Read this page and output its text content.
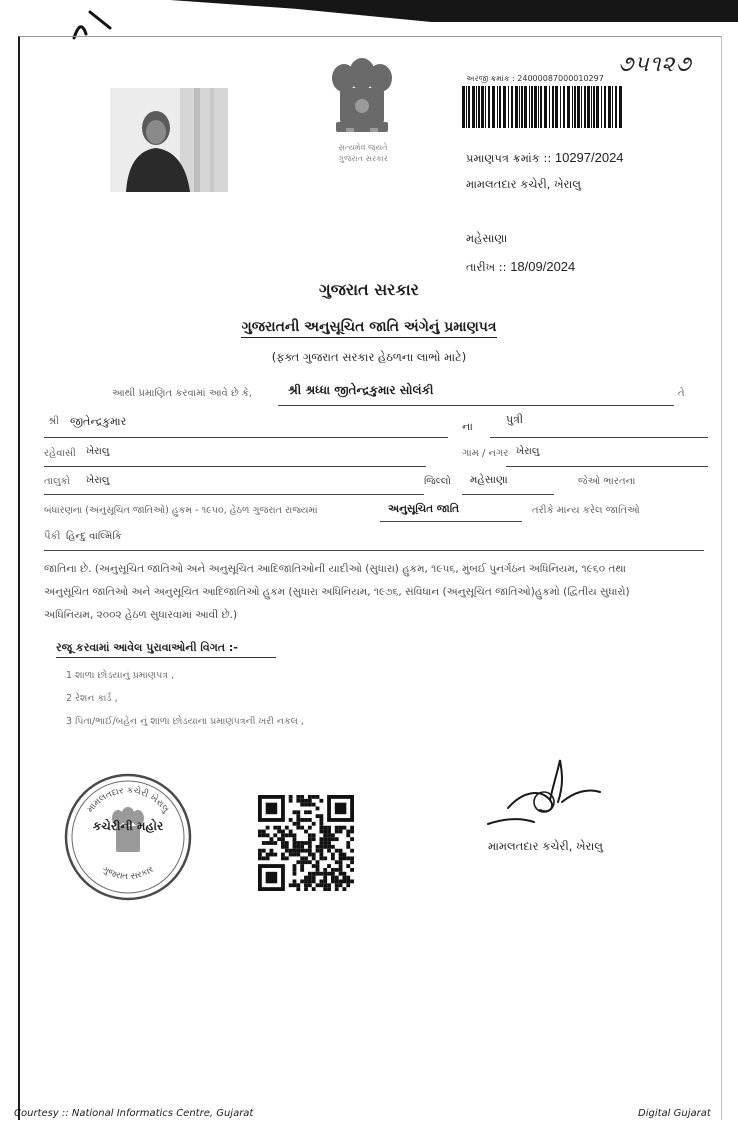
સત્યમેવ જયતે
ગુજરાત સરકાર
૭૫૧૨૭
અરજી ક્રમાંક : 24000087000010297
પ્રમાણપત્ર ક્રમાંક :: 10297/2024
મામલતદાર કચેરી, ખેરાલુ
મહેસાણા
તારીખ :: 18/09/2024
ગુજરાત સરકાર
ગુજરાતની અનુસૂચિત જાતિ અંગેનું પ્રમાણપત્ર
(ફક્ત ગુજરાત સરકાર હેઠળના લાભો માટે)
આથી પ્રમાણિત કરવામાં આવે છે કે,	શ્રી શ્રધ્ધા જીતેન્દ્રકુમાર સોલંકી	તે
શ્રી જીતેન્દ્રકુમાર	ના
પુત્રી
રહેવાસી ખેરાલુ	ગામ / નગર ખેરાલુ
તાલુકો ખેરાલુ	જિલ્લો મહેસાણા	જેઓ ભારતના
બંધારણના (અનુસૂચિત જાતિઓ) હુકમ - ૧૯૫૦, હેઠળ ગુજરાત રાજ્યમાં	અનુસૂચિત જાતિ	તરીકે માન્ય કરેલ જાતિઓ
પૈકી હિન્દુ વાલ્મિકિ
જાતિના છે. (અનુસૂચિત જાતિઓ અને અનુસૂચિત આદિજાતિઓની યાદીઓ (સુધારા) હુકમ, ૧૯૫૬, મુંબઈ પુનર્ગઠન અધિનિયમ, ૧૯૬૦ તથા
અનુસૂચિત જાતિઓ અને અનુસૂચિત આદિજાતિઓ હુકમ (સુધારા અધિનિયમ, ૧૯૭૬, સંવિધાન (અનુસૂચિત જાતિઓ)હુકમો (દ્વિતીય સુધારો)
અધિનિયમ, ૨૦૦૨ હેઠળ સુધારવામાં આવી છે.)
રજૂ કરવામાં આવેલ પુરાવાઓની વિગત :-
1 શાળા છોડયાનું પ્રમાણપત્ર ,
2 રેશન કાર્ડ ,
3 પિતા/ભાઈ/બહેન નું શાળા છોડયાના પ્રમાણપત્રની ખરી નકલ ,
મામલતદાર કચેરી ખેરાલુ
ગુજરાત સરકાર
કચેરીની મહોર
મામલતદાર કચેરી, ખેરાલુ
Courtesy :: National Informatics Centre, Gujarat	Digital Gujarat
